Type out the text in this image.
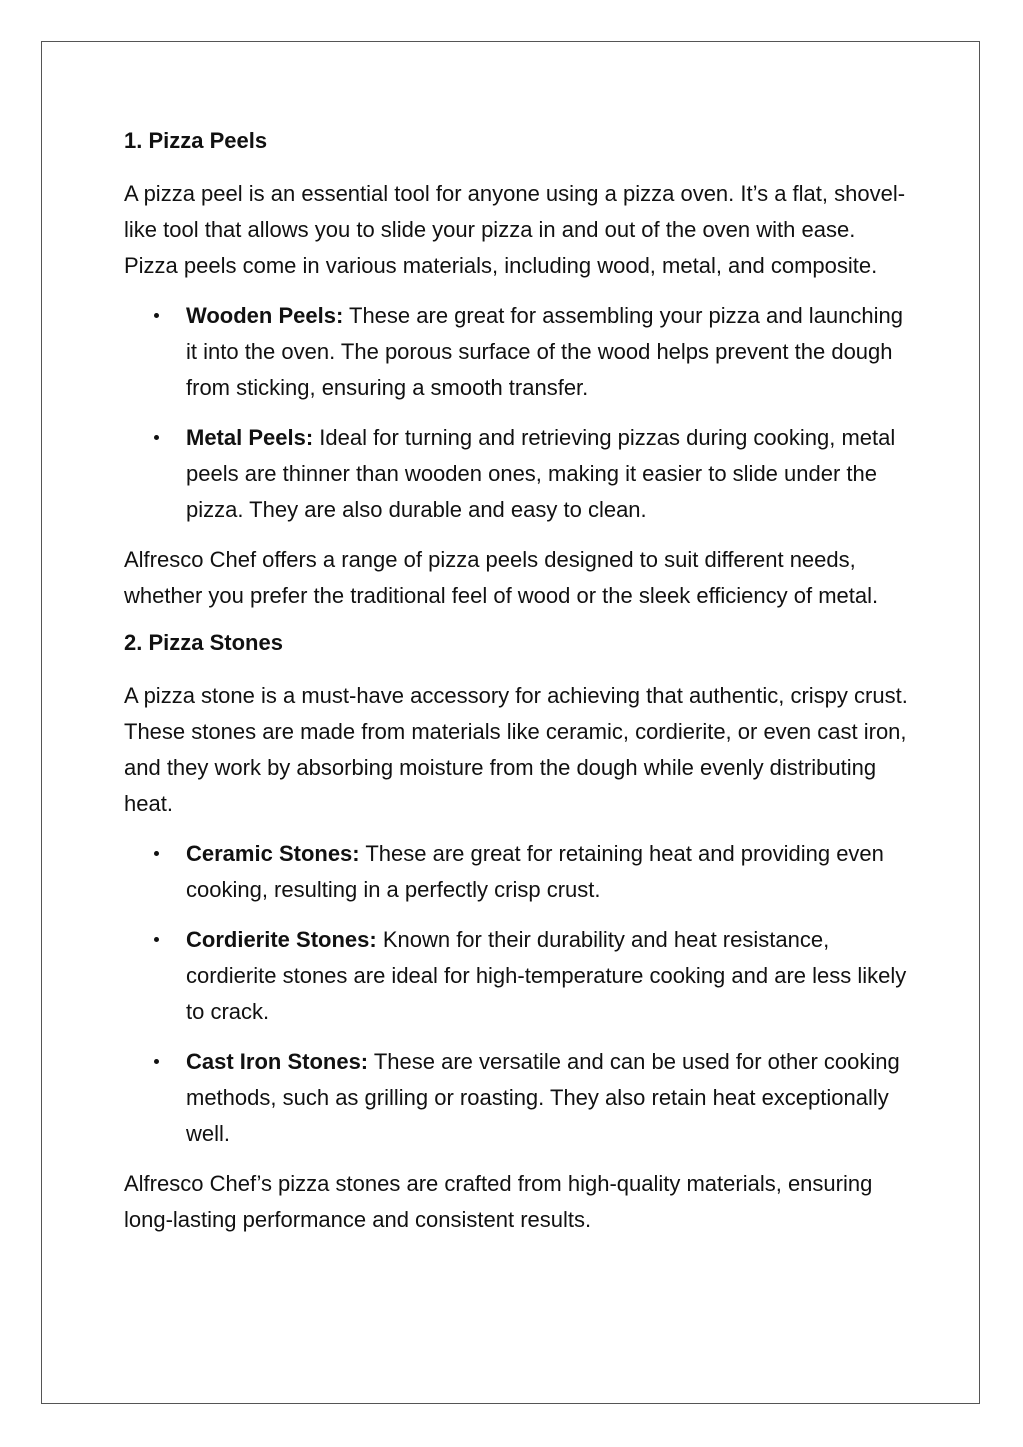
1. Pizza Peels

A pizza peel is an essential tool for anyone using a pizza oven. It’s a flat, shovel-like tool that allows you to slide your pizza in and out of the oven with ease. Pizza peels come in various materials, including wood, metal, and composite.

Wooden Peels: These are great for assembling your pizza and launching it into the oven. The porous surface of the wood helps prevent the dough from sticking, ensuring a smooth transfer.
Metal Peels: Ideal for turning and retrieving pizzas during cooking, metal peels are thinner than wooden ones, making it easier to slide under the pizza. They are also durable and easy to clean.

Alfresco Chef offers a range of pizza peels designed to suit different needs, whether you prefer the traditional feel of wood or the sleek efficiency of metal.

2. Pizza Stones

A pizza stone is a must-have accessory for achieving that authentic, crispy crust. These stones are made from materials like ceramic, cordierite, or even cast iron, and they work by absorbing moisture from the dough while evenly distributing heat.

Ceramic Stones: These are great for retaining heat and providing even cooking, resulting in a perfectly crisp crust.
Cordierite Stones: Known for their durability and heat resistance, cordierite stones are ideal for high-temperature cooking and are less likely to crack.
Cast Iron Stones: These are versatile and can be used for other cooking methods, such as grilling or roasting. They also retain heat exceptionally well.

Alfresco Chef’s pizza stones are crafted from high-quality materials, ensuring long-lasting performance and consistent results.
